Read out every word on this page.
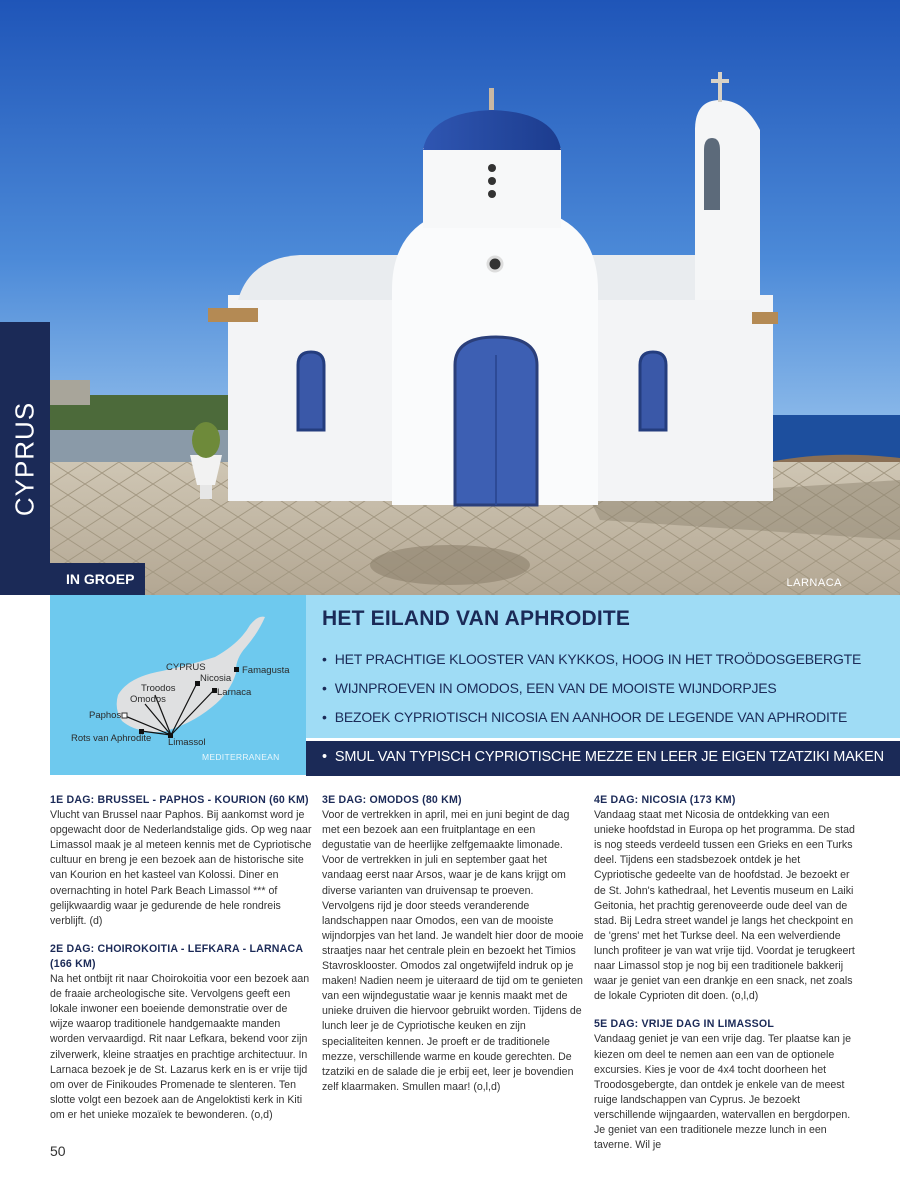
CYPRUS
IN GROEP	LARNACA
CYPRUS	Famagusta
Nicosia
Troodos	Larnaca
Omodos
Paphos
Rots van Aphrodite Limassol
MEDITERRANEAN
HET EILAND VAN APHRODITE
• HET PRACHTIGE KLOOSTER VAN KYKKOS, HOOG IN HET TROÖDOSGEBERGTE
• WIJNPROEVEN IN OMODOS, EEN VAN DE MOOISTE WIJNDORPJES
• BEZOEK CYPRIOTISCH NICOSIA EN AANHOOR DE LEGENDE VAN APHRODITE
• SMUL VAN TYPISCH CYPRIOTISCHE MEZZE EN LEER JE EIGEN TZATZIKI MAKEN
1E DAG: BRUSSEL - PAPHOS - KOURION (60 KM)
Vlucht van Brussel naar Paphos. Bij aankomst word je opgewacht door de Nederlandstalige gids. Op weg naar Limassol maak je al meteen kennis met de Cypriotische cultuur en breng je een bezoek aan de historische site van Kourion en het kasteel van Kolossi. Diner en overnachting in hotel Park Beach Limassol *** of gelijkwaardig waar je gedurende de hele rondreis verblijft. (d)
2E DAG: CHOIROKOITIA - LEFKARA - LARNACA (166 KM)
Na het ontbijt rit naar Choirokoitia voor een bezoek aan de fraaie archeologische site. Vervolgens geeft een lokale inwoner een boeiende demonstratie over de wijze waarop traditionele handgemaakte manden worden vervaardigd. Rit naar Lefkara, bekend voor zijn zilverwerk, kleine straatjes en prachtige architectuur. In Larnaca bezoek je de St. Lazarus kerk en is er vrije tijd om over de Finikoudes Promenade te slenteren. Ten slotte volgt een bezoek aan de Angeloktisti kerk in Kiti om er het unieke mozaïek te bewonderen. (o,d)
3E DAG: OMODOS (80 KM)
Voor de vertrekken in april, mei en juni begint de dag met een bezoek aan een fruitplantage en een degustatie van de heerlijke zelfgemaakte limonade. Voor de vertrekken in juli en september gaat het vandaag eerst naar Arsos, waar je de kans krijgt om diverse varianten van druivensap te proeven. Vervolgens rijd je door steeds veranderende landschappen naar Omodos, een van de mooiste wijndorpjes van het land. Je wandelt hier door de mooie straatjes naar het centrale plein en bezoekt het Timios Stavrosklooster. Omodos zal ongetwijfeld indruk op je maken! Nadien neem je uiteraard de tijd om te genieten van een wijndegustatie waar je kennis maakt met de unieke druiven die hiervoor gebruikt worden. Tijdens de lunch leer je de Cypriotische keuken en zijn specialiteiten kennen. Je proeft er de traditionele mezze, verschillende warme en koude gerechten. De tzatziki en de salade die je erbij eet, leer je bovendien zelf klaarmaken. Smullen maar! (o,l,d)
4E DAG: NICOSIA (173 KM)
Vandaag staat met Nicosia de ontdekking van een unieke hoofdstad in Europa op het programma. De stad is nog steeds verdeeld tussen een Grieks en een Turks deel. Tijdens een stadsbezoek ontdek je het Cypriotische gedeelte van de hoofdstad. Je bezoekt er de St. John's kathedraal, het Leventis museum en Laiki Geitonia, het prachtig gerenoveerde oude deel van de stad. Bij Ledra street wandel je langs het checkpoint en de 'grens' met het Turkse deel. Na een welverdiende lunch profiteer je van wat vrije tijd. Voordat je terugkeert naar Limassol stop je nog bij een traditionele bakkerij waar je geniet van een drankje en een snack, net zoals de lokale Cyprioten dit doen. (o,l,d)
5E DAG: VRIJE DAG IN LIMASSOL
Vandaag geniet je van een vrije dag. Ter plaatse kan je kiezen om deel te nemen aan een van de optionele excursies. Kies je voor de 4x4 tocht doorheen het Troodosgebergte, dan ontdek je enkele van de meest ruige landschappen van Cyprus. Je bezoekt verschillende wijngaarden, watervallen en bergdorpen. Je geniet van een traditionele mezze lunch in een taverne. Wil je
50
